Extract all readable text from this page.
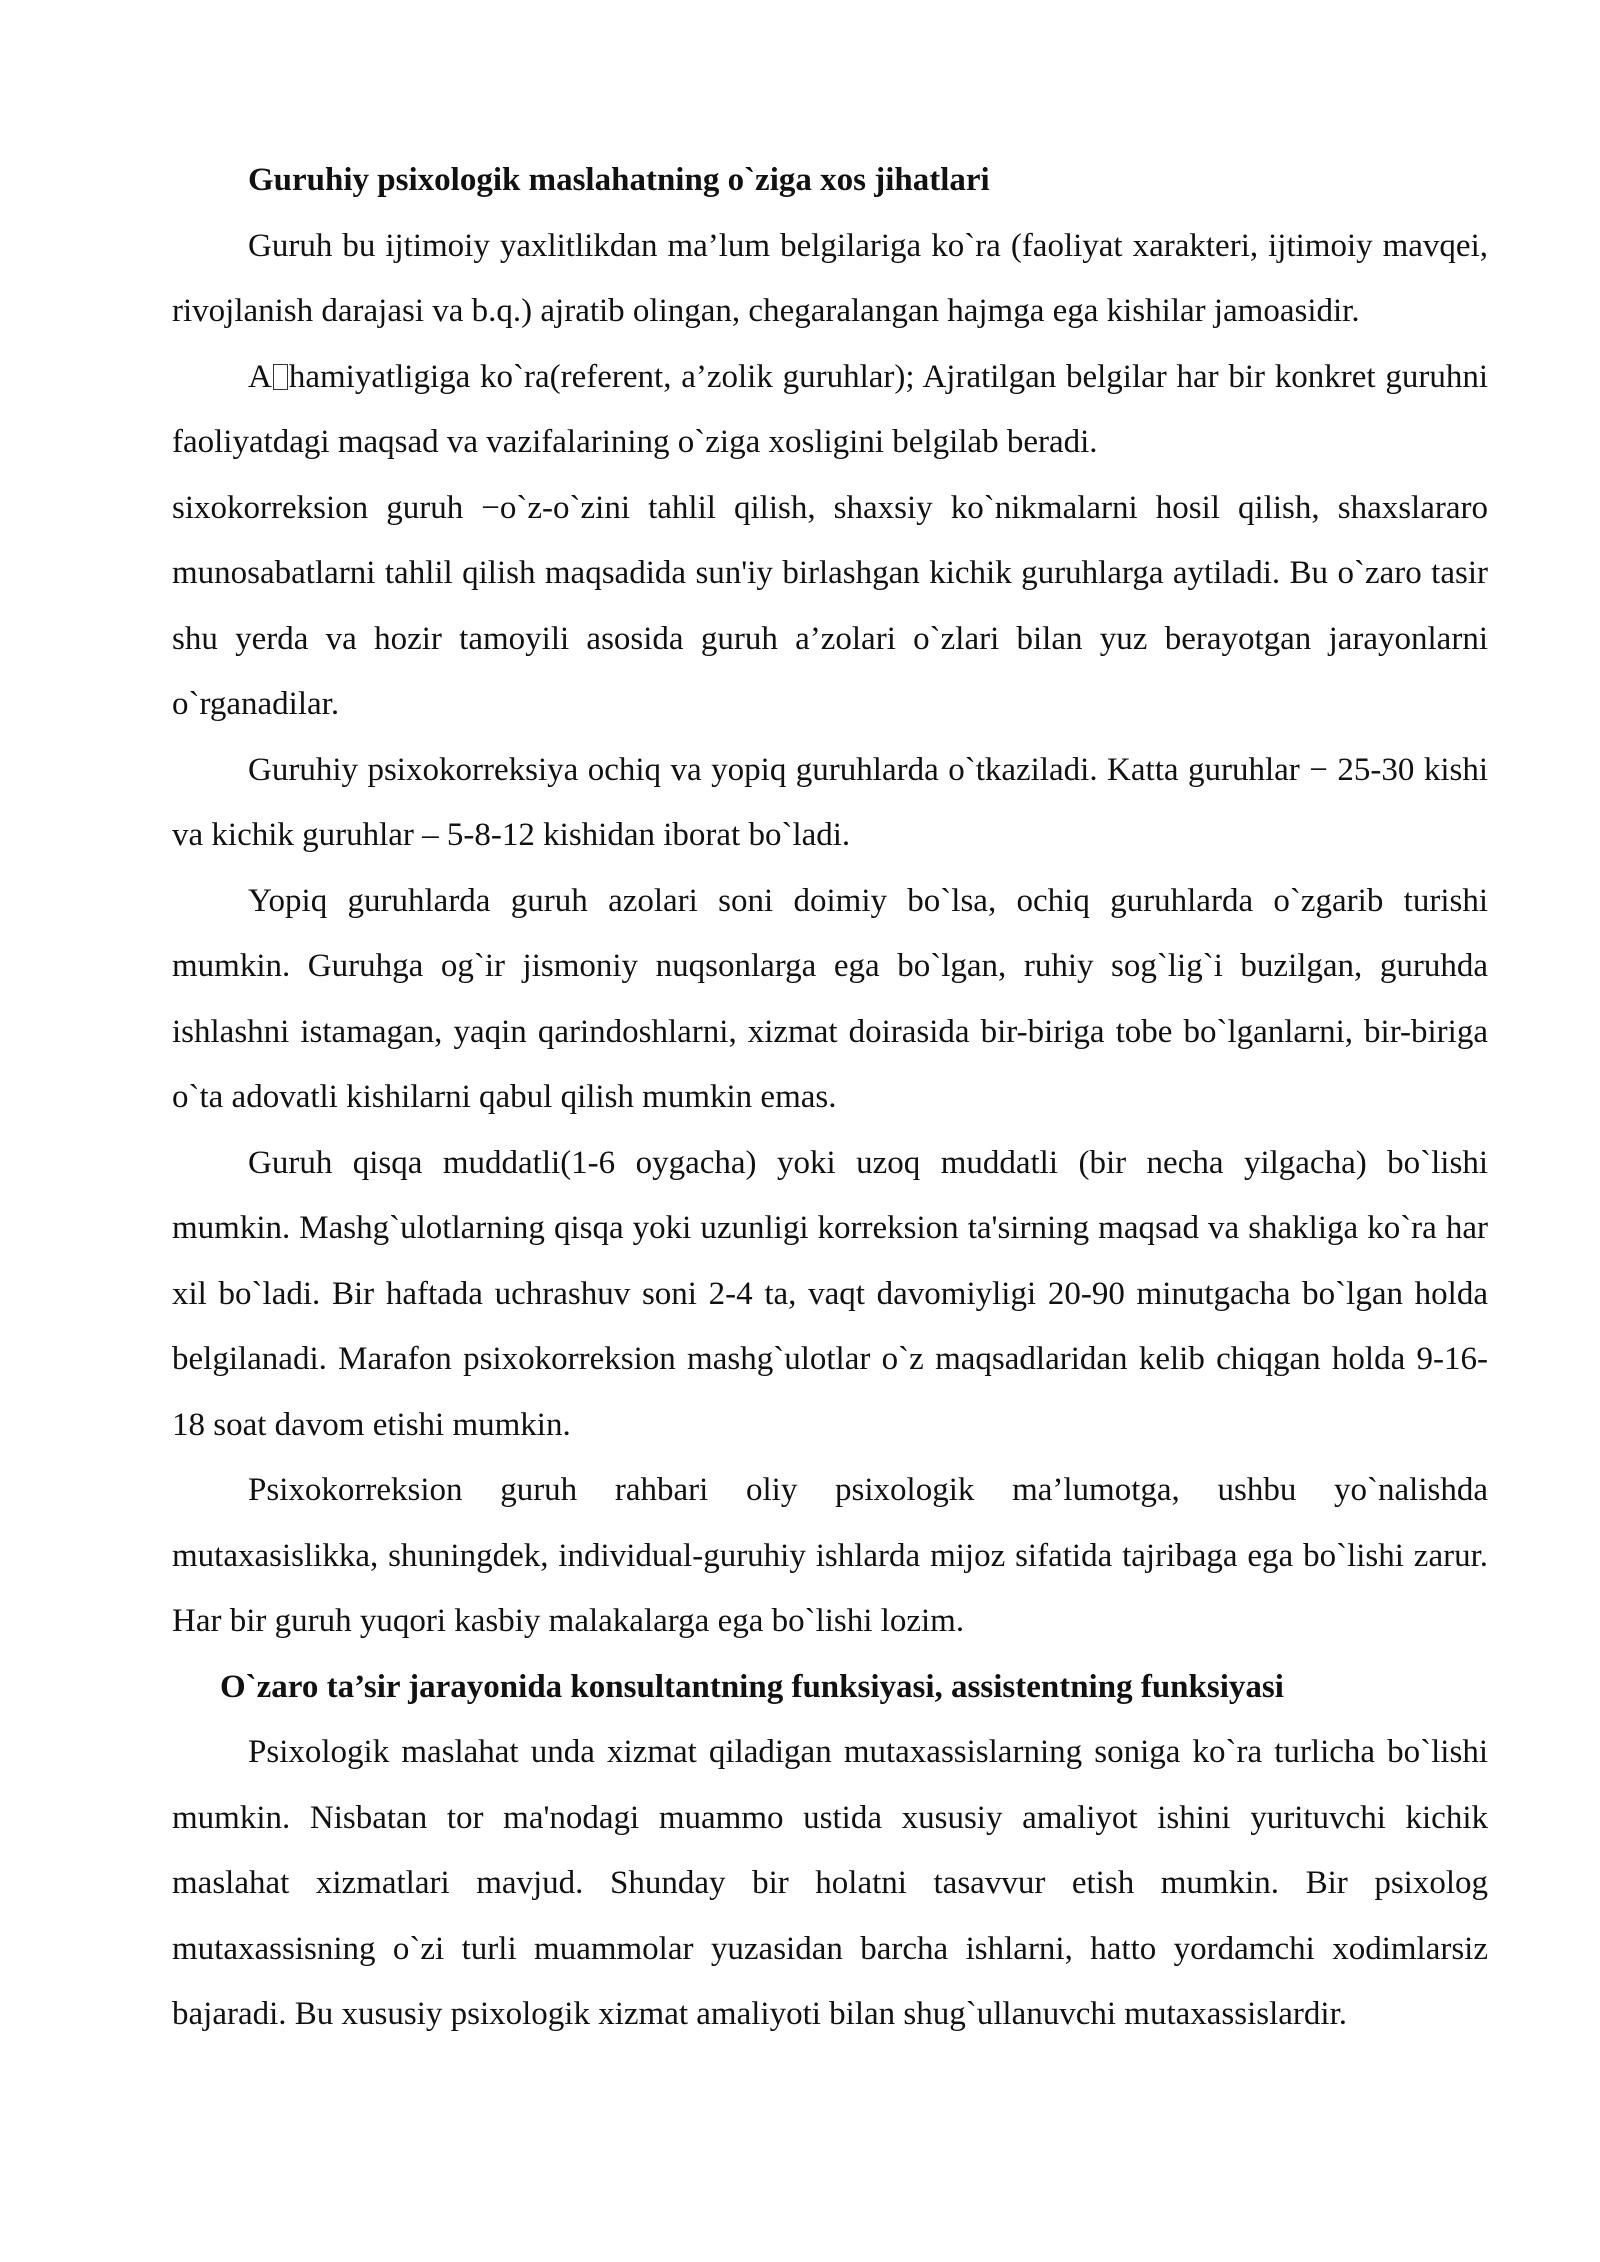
Guruhiy psixologik maslahatning o`ziga xos jihatlari

Guruh bu ijtimoiy yaxlitlikdan ma’lum belgilariga ko`ra (faoliyat xarakteri, ijtimoiy mavqei, rivojlanish darajasi va b.q.) ajratib olingan, chegaralangan hajmga ega kishilar jamoasidir.

A hamiyatligiga ko`ra(referent, a’zolik guruhlar); Ajratilgan belgilar har bir konkret guruhni faoliyatdagi maqsad va vazifalarining o`ziga xosligini belgilab beradi.

sixokorreksion guruh −o`z-o`zini tahlil qilish, shaxsiy ko`nikmalarni hosil qilish, shaxslararo munosabatlarni tahlil qilish maqsadida sun'iy birlashgan kichik guruhlarga aytiladi. Bu o`zaro tasir shu yerda va hozir tamoyili asosida guruh a’zolari o`zlari bilan yuz berayotgan jarayonlarni o`rganadilar.

Guruhiy psixokorreksiya ochiq va yopiq guruhlarda o`tkaziladi. Katta guruhlar − 25-30 kishi va kichik guruhlar – 5-8-12 kishidan iborat bo`ladi.

Yopiq guruhlarda guruh azolari soni doimiy bo`lsa, ochiq guruhlarda o`zgarib turishi mumkin. Guruhga og`ir jismoniy nuqsonlarga ega bo`lgan, ruhiy sog`lig`i buzilgan, guruhda ishlashni istamagan, yaqin qarindoshlarni, xizmat doirasida bir-biriga tobe bo`lganlarni, bir-biriga o`ta adovatli kishilarni qabul qilish mumkin emas.

Guruh qisqa muddatli(1-6 oygacha) yoki uzoq muddatli (bir necha yilgacha) bo`lishi mumkin. Mashg`ulotlarning qisqa yoki uzunligi korreksion ta'sirning maqsad va shakliga ko`ra har xil bo`ladi. Bir haftada uchrashuv soni 2-4 ta, vaqt davomiyligi 20-90 minutgacha bo`lgan holda belgilanadi. Marafon psixokorreksion mashg`ulotlar o`z maqsadlaridan kelib chiqgan holda 9-16-18 soat davom etishi mumkin.

Psixokorreksion guruh rahbari oliy psixologik ma’lumotga, ushbu yo`nalishda mutaxasislikka, shuningdek, individual-guruhiy ishlarda mijoz sifatida tajribaga ega bo`lishi zarur. Har bir guruh yuqori kasbiy malakalarga ega bo`lishi lozim.

O`zaro ta’sir jarayonida konsultantning funksiyasi, assistentning funksiyasi

Psixologik maslahat unda xizmat qiladigan mutaxassislarning soniga ko`ra turlicha bo`lishi mumkin. Nisbatan tor ma'nodagi muammo ustida xususiy amaliyot ishini yurituvchi kichik maslahat xizmatlari mavjud. Shunday bir holatni tasavvur etish mumkin. Bir psixolog mutaxassisning o`zi turli muammolar yuzasidan barcha ishlarni, hatto yordamchi xodimlarsiz bajaradi. Bu xususiy psixologik xizmat amaliyoti bilan shug`ullanuvchi mutaxassislardir.
